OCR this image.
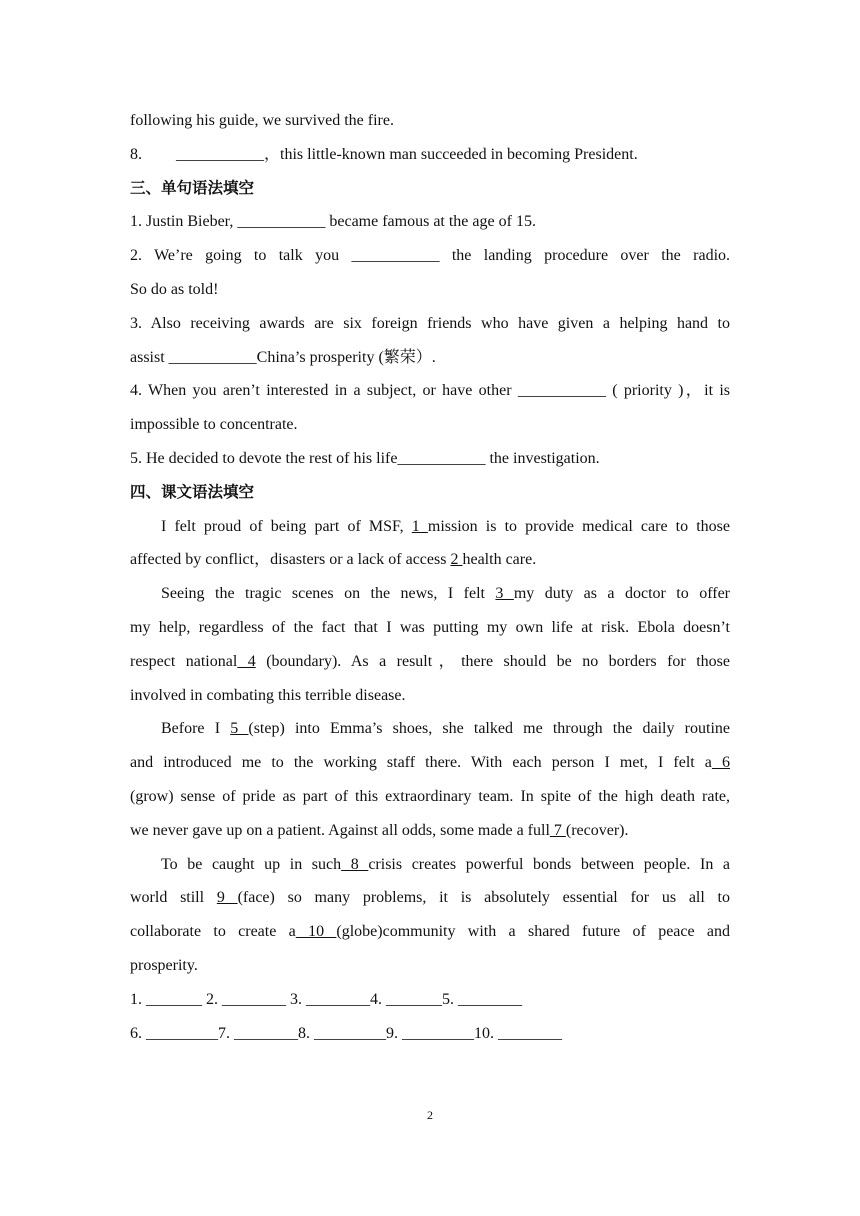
following his guide, we survived the fire.
8. ___________，this little-known man succeeded in becoming President.
三、单句语法填空
1. Justin Bieber, ___________ became famous at the age of 15.
2. We’re going to talk you ___________ the landing procedure over the radio.
So do as told!
3. Also receiving awards are six foreign friends who have given a helping hand to
assist ___________China’s prosperity (繁荣）.
4. When you aren’t interested in a subject, or have other ___________ ( priority )，it is
impossible to concentrate.
5. He decided to devote the rest of his life___________ the investigation.
四、课文语法填空
I felt proud of being part of MSF, 1 mission is to provide medical care to those
affected by conflict，disasters or a lack of access 2 health care.
Seeing the tragic scenes on the news, I felt 3 my duty as a doctor to offer
my help, regardless of the fact that I was putting my own life at risk. Ebola doesn’t
respect national 4 (boundary). As a result，there should be no borders for those
involved in combating this terrible disease.
Before I 5 (step) into Emma’s shoes, she talked me through the daily routine
and introduced me to the working staff there. With each person I met, I felt a 6
(grow) sense of pride as part of this extraordinary team. In spite of the high death rate,
we never gave up on a patient. Against all odds, some made a full 7 (recover).
To be caught up in such 8 crisis creates powerful bonds between people. In a
world still 9 (face) so many problems, it is absolutely essential for us all to
collaborate to create a 10 (globe)community with a shared future of peace and
prosperity.
1. _______ 2. ________ 3. ________4. _______5. ________
6. _________7. ________8. _________9. _________10. ________
2
